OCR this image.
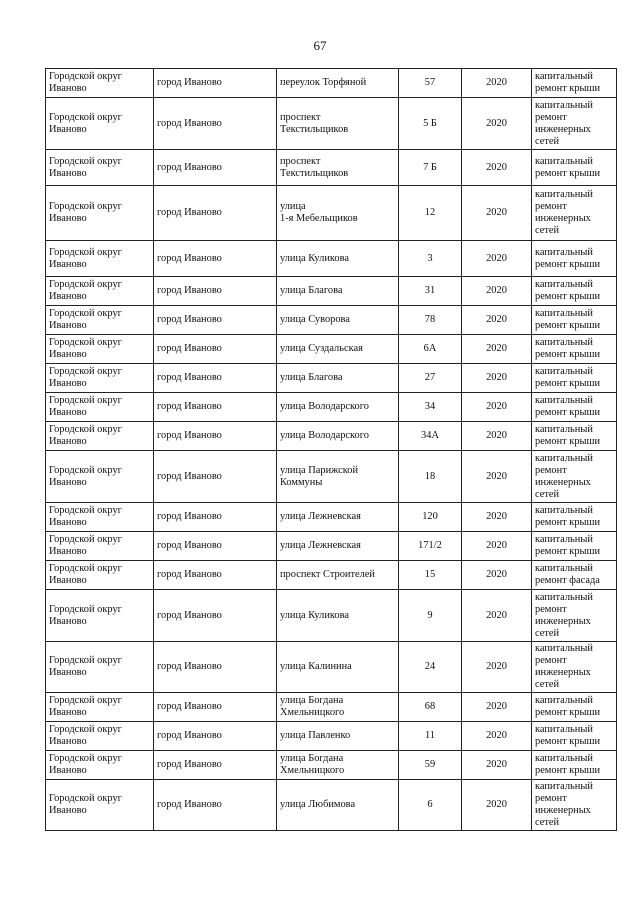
67
Городской округ
Иваново	город Иваново	переулок Торфяной	57	2020	капитальный
ремонт крыши
Городской округ
Иваново	город Иваново	проспект
Текстильщиков	5 Б	2020	капитальный
ремонт
инженерных
сетей
Городской округ
Иваново	город Иваново	проспект
Текстильщиков	7 Б	2020	капитальный
ремонт крыши
Городской округ
Иваново	город Иваново	улица
1-я Мебельщиков	12	2020	капитальный
ремонт
инженерных
сетей
Городской округ
Иваново	город Иваново	улица Куликова	3	2020	капитальный
ремонт крыши
Городской округ
Иваново	город Иваново	улица Благова	31	2020	капитальный
ремонт крыши
Городской округ
Иваново	город Иваново	улица Суворова	78	2020	капитальный
ремонт крыши
Городской округ
Иваново	город Иваново	улица Суздальская	6А	2020	капитальный
ремонт крыши
Городской округ
Иваново	город Иваново	улица Благова	27	2020	капитальный
ремонт крыши
Городской округ
Иваново	город Иваново	улица Володарского	34	2020	капитальный
ремонт крыши
Городской округ
Иваново	город Иваново	улица Володарского	34А	2020	капитальный
ремонт крыши
Городской округ
Иваново	город Иваново	улица Парижской
Коммуны	18	2020	капитальный
ремонт
инженерных
сетей
Городской округ
Иваново	город Иваново	улица Лежневская	120	2020	капитальный
ремонт крыши
Городской округ
Иваново	город Иваново	улица Лежневская	171/2	2020	капитальный
ремонт крыши
Городской округ
Иваново	город Иваново	проспект Строителей	15	2020	капитальный
ремонт фасада
Городской округ
Иваново	город Иваново	улица Куликова	9	2020	капитальный
ремонт
инженерных
сетей
Городской округ
Иваново	город Иваново	улица Калинина	24	2020	капитальный
ремонт
инженерных
сетей
Городской округ
Иваново	город Иваново	улица Богдана
Хмельницкого	68	2020	капитальный
ремонт крыши
Городской округ
Иваново	город Иваново	улица Павленко	11	2020	капитальный
ремонт крыши
Городской округ
Иваново	город Иваново	улица Богдана
Хмельницкого	59	2020	капитальный
ремонт крыши
Городской округ
Иваново	город Иваново	улица Любимова	6	2020	капитальный
ремонт
инженерных
сетей
